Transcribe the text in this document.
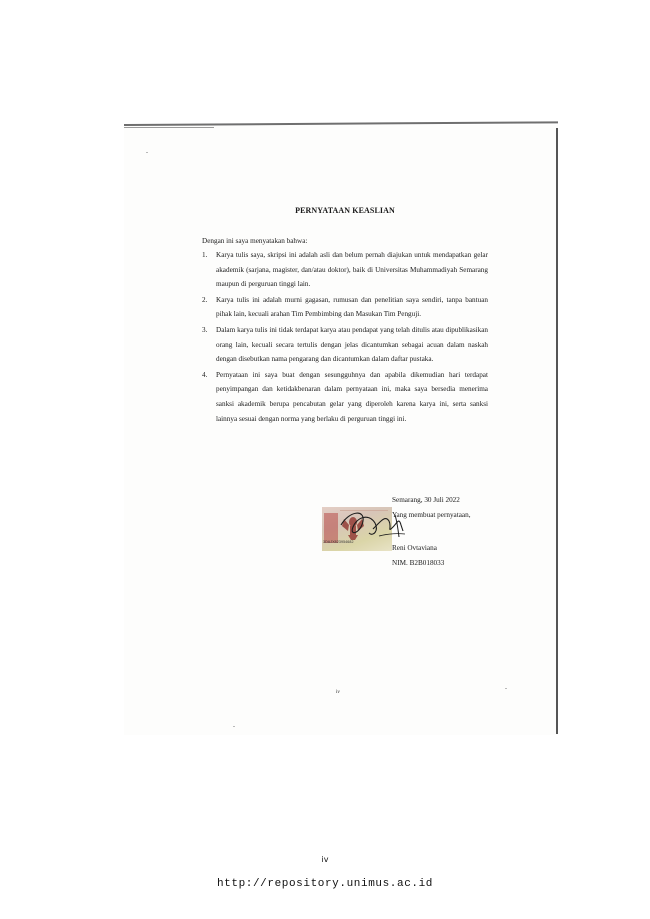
PERNYATAAN KEASLIAN
Dengan ini saya menyatakan bahwa:
1.	Karya tulis saya, skripsi ini adalah asli dan belum pernah diajukan untuk mendapatkan gelar akademik (sarjana, magister, dan/atau doktor), baik di Universitas Muhammadiyah Semarang maupun di perguruan tinggi lain.
2.	Karya tulis ini adalah murni gagasan, rumusan dan penelitian saya sendiri, tanpa bantuan pihak lain, kecuali arahan Tim Pembimbing dan Masukan Tim Penguji.
3.	Dalam karya tulis ini tidak terdapat karya atau pendapat yang telah ditulis atau dipublikasikan orang lain, kecuali secara tertulis dengan jelas dicantumkan sebagai acuan dalam naskah dengan disebutkan nama pengarang dan dicantumkan dalam daftar pustaka.
4.	Pernyataan ini saya buat dengan sesungguhnya dan apabila dikemudian hari terdapat penyimpangan dan ketidakbenaran dalam pernyataan ini, maka saya bersedia menerima sanksi akademik berupa pencabutan gelar yang diperoleh karena karya ini, serta sanksi lainnya sesuai dengan norma yang berlaku di perguruan tinggi ini.
3DAJX823954682
Semarang, 30 Juli 2022
Yang membuat pernyataan,
Reni Ovtaviana
NIM. B2B018033
iv
iv
http://repository.unimus.ac.id
